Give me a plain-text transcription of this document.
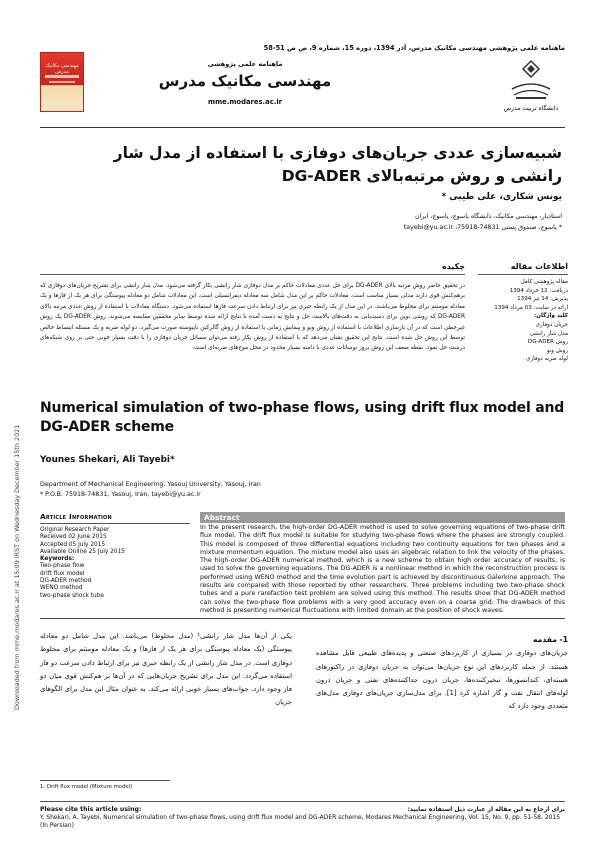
Downloaded from mme.modares.ac.ir at 15:09 IRST on Wednesday December 15th 2021
ماهنامه علمی پژوهشی مهندسی مکانیک مدرس، آذر 1394، دوره 15، شماره 9، ص ص 51-58
مهندسی مکانیک مدرس
ماهنامه علمی پژوهشی
مهندسی مکانیک مدرس
mme.modares.ac.ir
دانشگاه تربیت مدرس
شبیه‌سازی عددی جریان‌های دوفازی با استفاده از مدل شار رانشی و روش مرتبه‌بالای DG-ADER
یونس شکاری، علی طیبی *
استادیار، مهندسی مکانیک، دانشگاه یاسوج، یاسوج، ایران
* یاسوج، صندوق پستی 74831-75918، tayebi@yu.ac.ir
اطلاعات مقاله
مقاله پژوهشی کامل
دریافت: 12 خرداد 1394
پذیرش: 14 تیر 1394
ارائه در سایت: 03 مرداد 1394
کلید واژگان:
جریان دوفازی
مدل شار رانشی
روش DG-ADER
روش ونو
لوله ضربه دوفازی
چکیده
در تحقیق حاضر روش مرتبه بالای DG-ADER برای حل عددی معادلات حاکم بر مدل دوفازی شار رانشی بکار گرفته می‌شود. مدل شار رانشی برای تشریح جریان‌های دوفازی که برهم‌کنش قوی دارند مدلی بسیار مناسب است. معادلات حاکم بر این مدل شامل سه معادله دیفرانسیلی است. این معادلات شامل دو معادله پیوستگی برای هر یک از فازها و یک معادله مومنتم برای مخلوط می‌باشند. در این مدل از یک رابطه جبری نیز برای ارتباط دادن سرعت فازها استفاده می‌شود. دستگاه معادلات با استفاده از روش عددی مرتبه بالای DG-ADER که روشی نوین برای دست‌یابی به دقت‌های بالاست حل و نتایج به دست آمده با نتایج ارائه شده توسط سایر محققین مقایسه می‌شوند. روش DG-ADER یک روش غیرخطی است که در آن بازسازی اطلاعات با استفاده از روش ونو و پیمایش زمانی با استفاده از روش گالرکین ناپیوسته صورت می‌گیرد. دو لوله ضربه و یک مسئله انبساط خالص توسط این روش حل شده است. نتایج این تحقیق نشان می‌دهد که با استفاده از روش بکار رفته می‌توان مسائل جریان دوفازی را با دقت بسیار خوبی حتی بر روی شبکه‌های درشت حل نمود. نقطه ضعف این روش بروز نوسانات عددی با دامنه بسیار محدود در محل موج‌های ضربه‌ای است.
Numerical simulation of two-phase flows, using drift flux model and DG-ADER scheme
Younes Shekari, Ali Tayebi*
Department of Mechanical Engineering, Yasouj University, Yasouj, Iran
* P.O.B. 75918-74831, Yasouj, Iran, tayebi@yu.ac.ir
Article Information
Original Research Paper
Received 02 June 2015
Accepted 05 July 2015
Available Online 25 July 2015
Keywords:
Two-phase flow
drift flux model
DG-ADER method
WENO method
two-phase shock tube
Abstract
In the present research, the high-order DG-ADER method is used to solve governing equations of two-phase drift flux model. The drift flux model is suitable for studying two-phase flows where the phases are strongly coupled. This model is composed of three differential equations including two continuity equations for two phases and a mixture momentum equation. The mixture model also uses an algebraic relation to link the velocity of the phases. The high-order DG-ADER numerical method, which is a new scheme to obtain high order accuracy of results, is used to solve the governing equations. The DG-ADER is a nonlinear method in which the reconstruction process is performed using WENO method and the time evolution part is achieved by discontinuous Galerkine approach. The results are compared with those reported by other researchers. Three problems including two two-phase shock tubes and a pure rarefaction test problem are solved using this method. The results show that DG-ADER method can solve the two-phase flow problems with a very good accuracy even on a coarse grid. The drawback of this method is presenting numerical fluctuations with limited domain at the position of shock waves.
1- مقدمه
جریان‌های دوفازی در بسیاری از کاربردهای صنعتی و پدیده‌های طبیعی قابل مشاهده هستند. از جمله کاربردهای این نوع جریان‌ها می‌توان به جریان دوفازی در راکتورهای هسته‌ای، کندانسورها، تبخیرکننده‌ها، جریان درون جداکننده‌های نفتی و جریان درون لوله‌های انتقال نفت و گاز اشاره کرد [1]. برای مدل‌سازی جریان‌های دوفازی مدل‌های متعددی وجود دارد که
یکی از آن‌ها مدل شار رانشی¹ (مدل مخلوط) می‌باشد. این مدل شامل دو معادله پیوستگی (یک معادله پیوستگی برای هر یک از فازها) و یک معادله مومنتم برای مخلوط دوفازی است. در مدل شار رانشی از یک رابطه جبری نیز برای ارتباط دادن سرعت دو فاز استفاده می‌گردد. این مدل برای تشریح جریان‌هایی که در آن‌ها بر هم‌کنش قوی میان دو فاز وجود دارد، جواب‌های بسیار خوبی ارائه می‌کند. به عنوان مثال این مدل برای الگوهای جریان
1- Drift flux model (Mixture model)
برای ارجاع به این مقاله از عبارت ذیل استفاده نمایید:
Please cite this article using:
Y. Shekari, A. Tayebi, Numerical simulation of two-phase flows, using drift flux model and DG-ADER scheme, Modares Mechanical Engineering, Vol. 15, No. 9, pp. 51-58, 2015 (In Persian)
